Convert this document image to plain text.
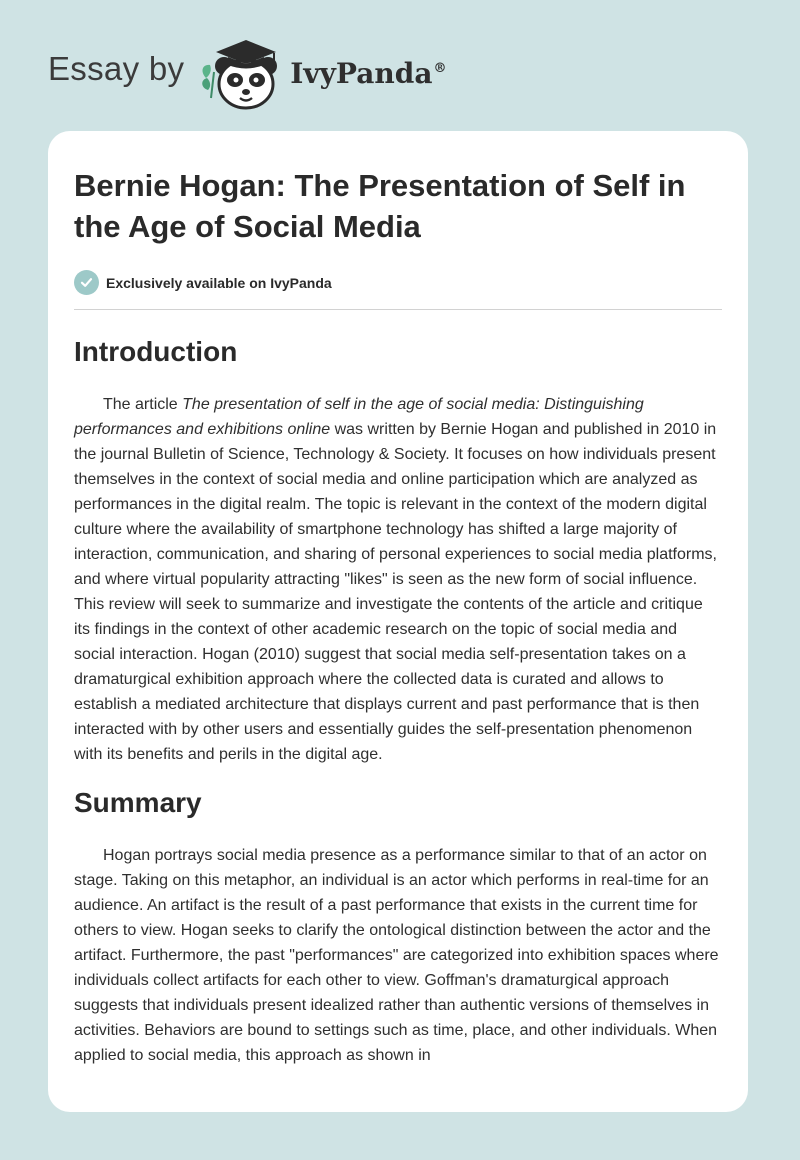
Essay by	IvyPanda®
Bernie Hogan: The Presentation of Self in the Age of Social Media
Exclusively available on IvyPanda
Introduction

The article The presentation of self in the age of social media: Distinguishing performances and exhibitions online was written by Bernie Hogan and published in 2010 in the journal Bulletin of Science, Technology & Society. It focuses on how individuals present themselves in the context of social media and online participation which are analyzed as performances in the digital realm. The topic is relevant in the context of the modern digital culture where the availability of smartphone technology has shifted a large majority of interaction, communication, and sharing of personal experiences to social media platforms, and where virtual popularity attracting "likes" is seen as the new form of social influence. This review will seek to summarize and investigate the contents of the article and critique its findings in the context of other academic research on the topic of social media and social interaction. Hogan (2010) suggest that social media self-presentation takes on a dramaturgical exhibition approach where the collected data is curated and allows to establish a mediated architecture that displays current and past performance that is then interacted with by other users and essentially guides the self-presentation phenomenon with its benefits and perils in the digital age.

Summary

Hogan portrays social media presence as a performance similar to that of an actor on stage. Taking on this metaphor, an individual is an actor which performs in real-time for an audience. An artifact is the result of a past performance that exists in the current time for others to view. Hogan seeks to clarify the ontological distinction between the actor and the artifact. Furthermore, the past "performances" are categorized into exhibition spaces where individuals collect artifacts for each other to view. Goffman's dramaturgical approach suggests that individuals present idealized rather than authentic versions of themselves in activities. Behaviors are bound to settings such as time, place, and other individuals. When applied to social media, this approach as shown in
